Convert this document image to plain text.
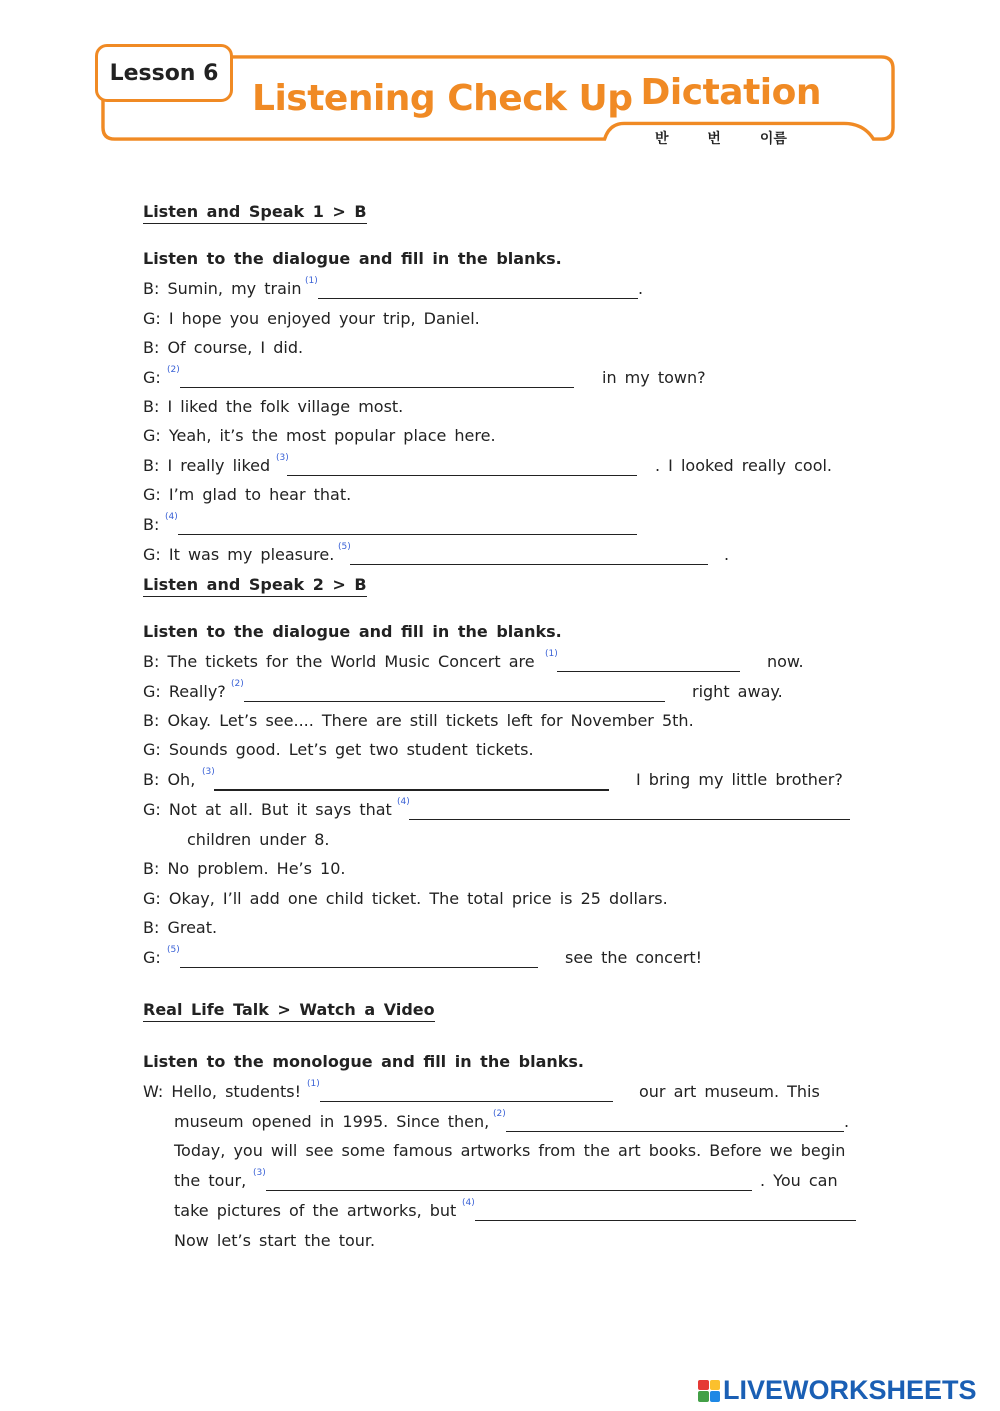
Lesson 6
Listening Check Up Dictation
반	번	이름
Listen and Speak 1 > B
Listen to the dialogue and fill in the blanks.
B: Sumin, my train (1)	.
G: I hope you enjoyed your trip, Daniel.
B: Of course, I did.
G: (2)	in my town?
B: I liked the folk village most.
G: Yeah, it’s the most popular place here.
B: I really liked (3)	. I looked really cool.
G: I’m glad to hear that.
B: (4)
G: It was my pleasure. (5)	.
Listen and Speak 2 > B
Listen to the dialogue and fill in the blanks.
B: The tickets for the World Music Concert are (1)	now.
G: Really? (2)	right away.
B: Okay. Let’s see.... There are still tickets left for November 5th.
G: Sounds good. Let’s get two student tickets.
B: Oh, (3)	I bring my little brother?
G: Not at all. But it says that (4)
children under 8.
B: No problem. He’s 10.
G: Okay, I’ll add one child ticket. The total price is 25 dollars.
B: Great.
G: (5)	see the concert!
Real Life Talk > Watch a Video
Listen to the monologue and fill in the blanks.
W: Hello, students! (1)	our art museum. This
museum opened in 1995. Since then, (2)	.
Today, you will see some famous artworks from the art books. Before we begin
the tour, (3)	. You can
take pictures of the artworks, but (4)
Now let’s start the tour.
LIVEWORKSHEETS
